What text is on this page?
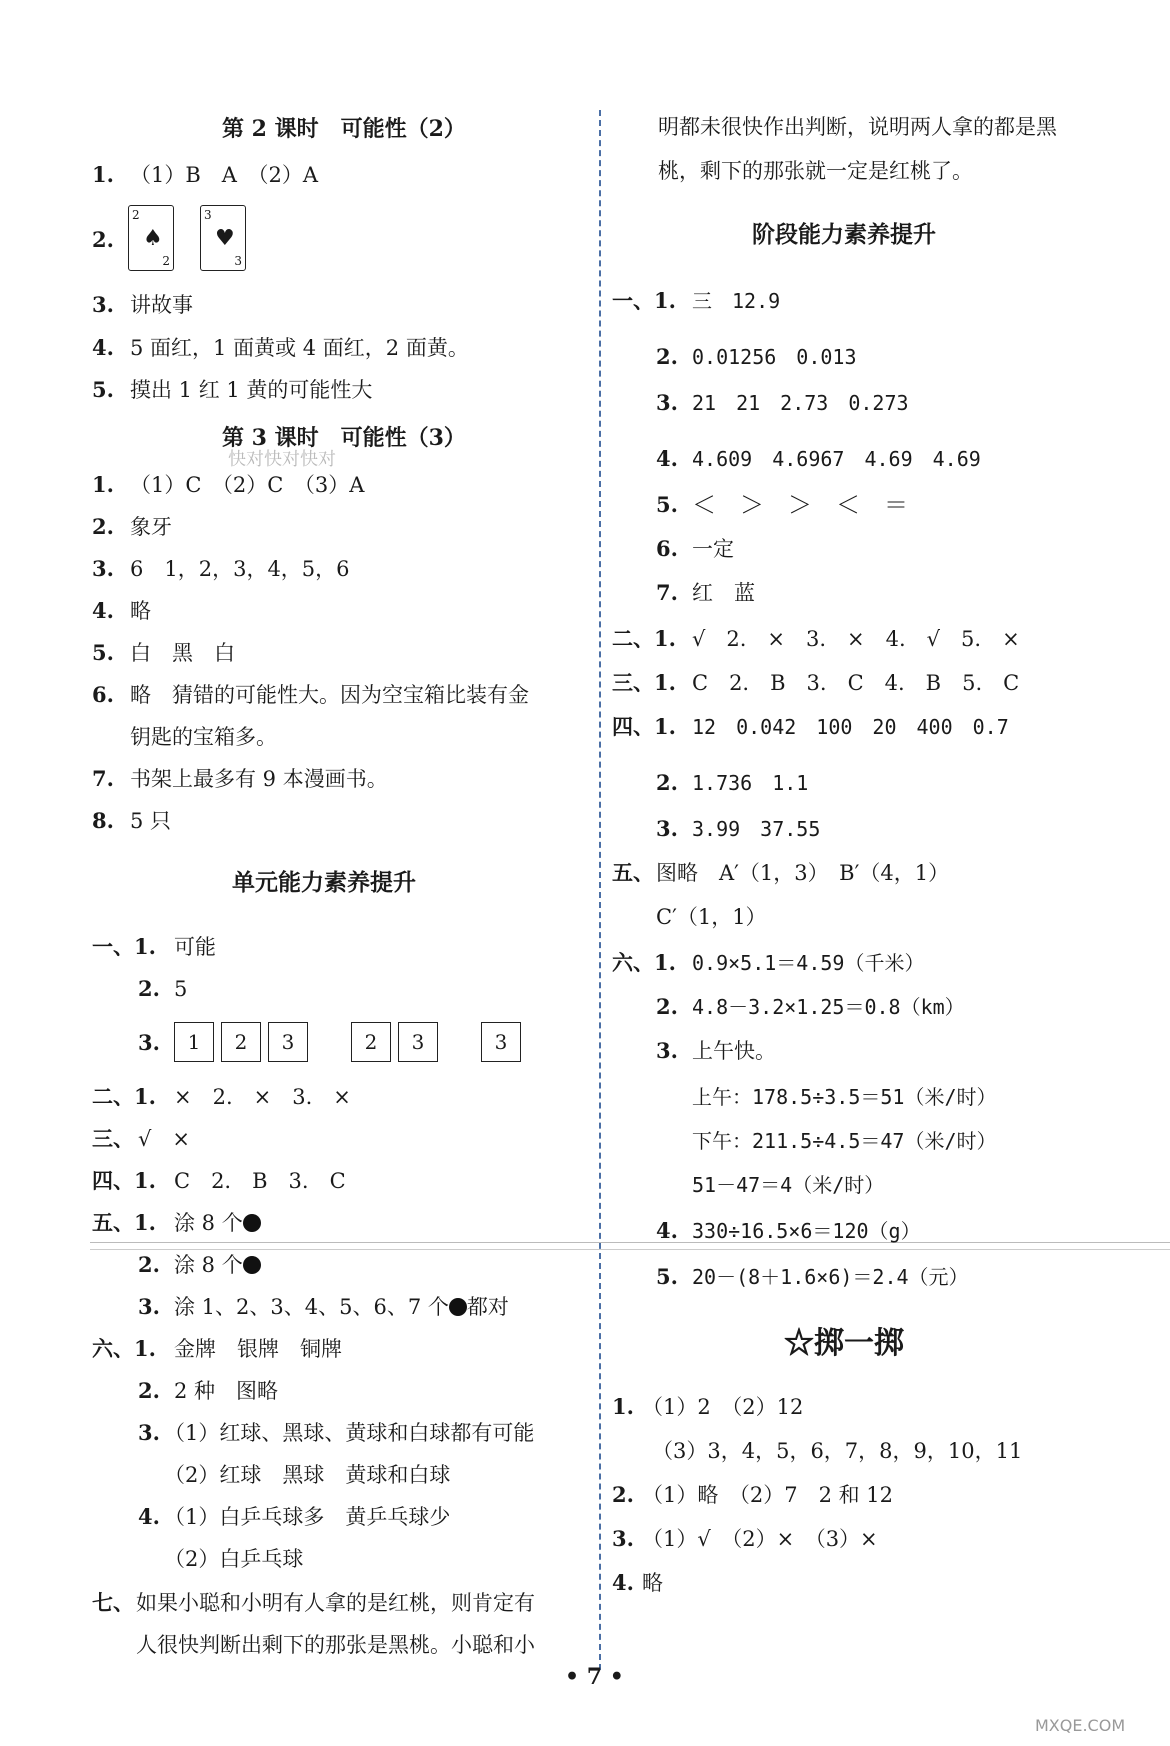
第 2 课时　可能性（2）
1. （1）B　A　（2）A
2.
2
♠
2
3
♥
3
3. 讲故事
4. 5 面红，1 面黄或 4 面红，2 面黄。
5. 摸出 1 红 1 黄的可能性大
第 3 课时　可能性（3）
快对快对快对
1. （1）C　（2）C　（3）A
2. 象牙
3. 6　1，2，3，4，5，6
4. 略
5. 白　黑　白
6. 略　猜错的可能性大。因为空宝箱比装有金
钥匙的宝箱多。
7. 书架上最多有 9 本漫画书。
8. 5 只
单元能力素养提升
一、1. 可能
2. 5
3.	1 2 3	2 3	3
二、1. ×　2.　×　3.　×
三、 √　×
四、1. C　2.　B　3.　C
五、1. 涂 8 个
2. 涂 8 个
3. 涂 1、2、3、4、5、6、7 个 都对
六、1. 金牌　银牌　铜牌
2. 2 种　图略
3. （1）红球、黑球、黄球和白球都有可能
（2）红球　黑球　黄球和白球
4. （1）白乒乓球多　黄乒乓球少
（2）白乒乓球
七、 如果小聪和小明有人拿的是红桃，则肯定有
人很快判断出剩下的那张是黑桃。小聪和小
明都未很快作出判断，说明两人拿的都是黑
桃，剩下的那张就一定是红桃了。
阶段能力素养提升
一、1. 三　12.9
2. 0.01256　0.013
3. 21　21　2.73　0.273
4. 4.609　4.6967　4.69　4.69
5. ＜　＞　＞　＜　＝
6. 一定
7. 红　蓝
二、1. √　2.　×　3.　×　4.　√　5.　×
三、1. C　2.　B　3.　C　4.　B　5.　C
四、1. 12　0.042　100　20　400　0.7
2. 1.736　1.1
3. 3.99　37.55
五、 图略　A′（1，3）　B′（4，1）
C′（1，1）
六、1. 0.9×5.1＝4.59（千米）
2. 4.8－3.2×1.25＝0.8（km）
3. 上午快。
上午：178.5÷3.5＝51（米/时）
下午：211.5÷4.5＝47（米/时）
51－47＝4（米/时）
4. 330÷16.5×6＝120（g）
5. 20－(8＋1.6×6)＝2.4（元）
☆掷一掷
1. （1）2　（2）12
（3）3，4，5，6，7，8，9，10，11
2. （1）略　（2）7　2 和 12
3. （1）√　（2）×　（3）×
4. 略
• 7 •
MXQE.COM
